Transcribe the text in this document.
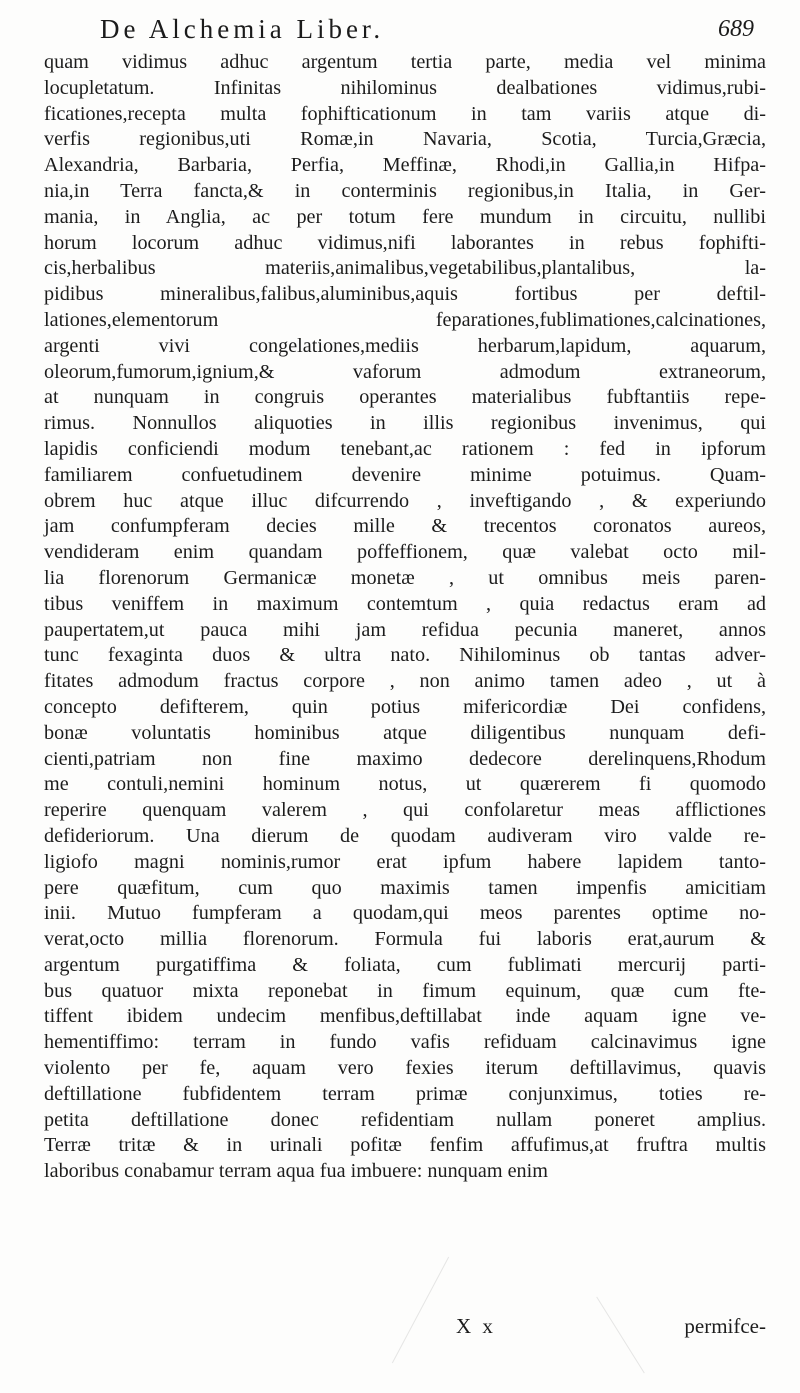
De Alchemia Liber.	689
quam vidimus adhuc argentum tertia parte, media vel minima
locupletatum. Infinitas nihilominus dealbationes vidimus,rubi-
ficationes,recepta multa fophifticationum in tam variis atque di-
verfis regionibus,uti Romæ,in Navaria, Scotia, Turcia,Græcia,
Alexandria, Barbaria, Perfia, Meffinæ, Rhodi,in Gallia,in Hifpa-
nia,in Terra fancta,& in conterminis regionibus,in Italia, in Ger-
mania, in Anglia, ac per totum fere mundum in circuitu, nullibi
horum locorum adhuc vidimus,nifi laborantes in rebus fophifti-
cis,herbalibus materiis,animalibus,vegetabilibus,plantalibus, la-
pidibus mineralibus,falibus,aluminibus,aquis fortibus per deftil-
lationes,elementorum feparationes,fublimationes,calcinationes,
argenti vivi congelationes,mediis herbarum,lapidum, aquarum,
oleorum,fumorum,ignium,& vaforum admodum extraneorum,
at nunquam in congruis operantes materialibus fubftantiis repe-
rimus. Nonnullos aliquoties in illis regionibus invenimus, qui
lapidis conficiendi modum tenebant,ac rationem : fed in ipforum
familiarem confuetudinem devenire minime potuimus. Quam-
obrem huc atque illuc difcurrendo , inveftigando , & experiundo
jam confumpferam decies mille & trecentos coronatos aureos,
vendideram enim quandam poffeffionem, quæ valebat octo mil-
lia florenorum Germanicæ monetæ , ut omnibus meis paren-
tibus veniffem in maximum contemtum , quia redactus eram ad
paupertatem,ut pauca mihi jam refidua pecunia maneret, annos
tunc fexaginta duos & ultra nato. Nihilominus ob tantas adver-
fitates admodum fractus corpore , non animo tamen adeo , ut à
concepto defifterem, quin potius mifericordiæ Dei confidens,
bonæ voluntatis hominibus atque diligentibus nunquam defi-
cienti,patriam non fine maximo dedecore derelinquens,Rhodum
me contuli,nemini hominum notus, ut quærerem fi quomodo
reperire quenquam valerem , qui confolaretur meas afflictiones
defideriorum. Una dierum de quodam audiveram viro valde re-
ligiofo magni nominis,rumor erat ipfum habere lapidem tanto-
pere quæfitum, cum quo maximis tamen impenfis amicitiam
inii. Mutuo fumpferam a quodam,qui meos parentes optime no-
verat,octo millia florenorum. Formula fui laboris erat,aurum &
argentum purgatiffima & foliata, cum fublimati mercurij parti-
bus quatuor mixta reponebat in fimum equinum, quæ cum fte-
tiffent ibidem undecim menfibus,deftillabat inde aquam igne ve-
hementiffimo: terram in fundo vafis refiduam calcinavimus igne
violento per fe, aquam vero fexies iterum deftillavimus, quavis
deftillatione fubfidentem terram primæ conjunximus, toties re-
petita deftillatione donec refidentiam nullam poneret amplius.
Terræ tritæ & in urinali pofitæ fenfim affufimus,at fruftra multis
laboribus conabamur terram aqua fua imbuere: nunquam enim
X x	permifce-
